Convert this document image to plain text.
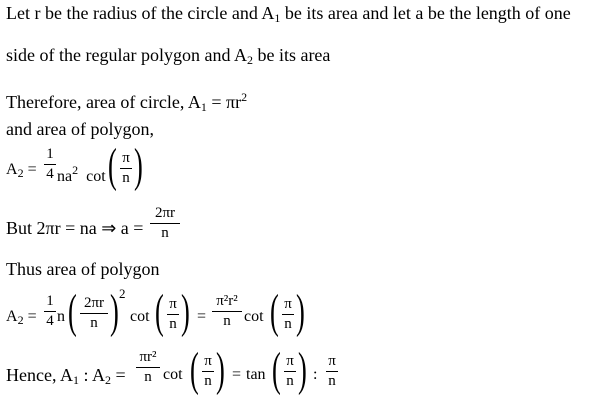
Let r be the radius of the circle and $A_1$ be its area and let a be the length of one
side of the regular polygon and $A_2$ be its area
Therefore, area of circle, $A_1 = \pi r^2$
and area of polygon,
$A_2 = \frac{1}{4} na^2$ cot ( $\frac{\pi}{n}$ )
But 2πr = na ⇒ $a = \frac{2\pi r}{n}$
Thus area of polygon
$A_2 = \frac{1}{4}$ n ( $\frac{2\pi r}{n}$ ) 2
cot ( $\frac{\pi}{n}$ ) = $\frac{\text{π²r²}}{n}$ cot ( $\frac{\pi}{n}$ )
Hence, $A_1$ : $A_2 = \frac{\text{πr²}}{n}$ cot ( $\frac{\pi}{n}$ ) = tan ( $\frac{\pi}{n}$ ) : $\frac{\pi}{n}$
